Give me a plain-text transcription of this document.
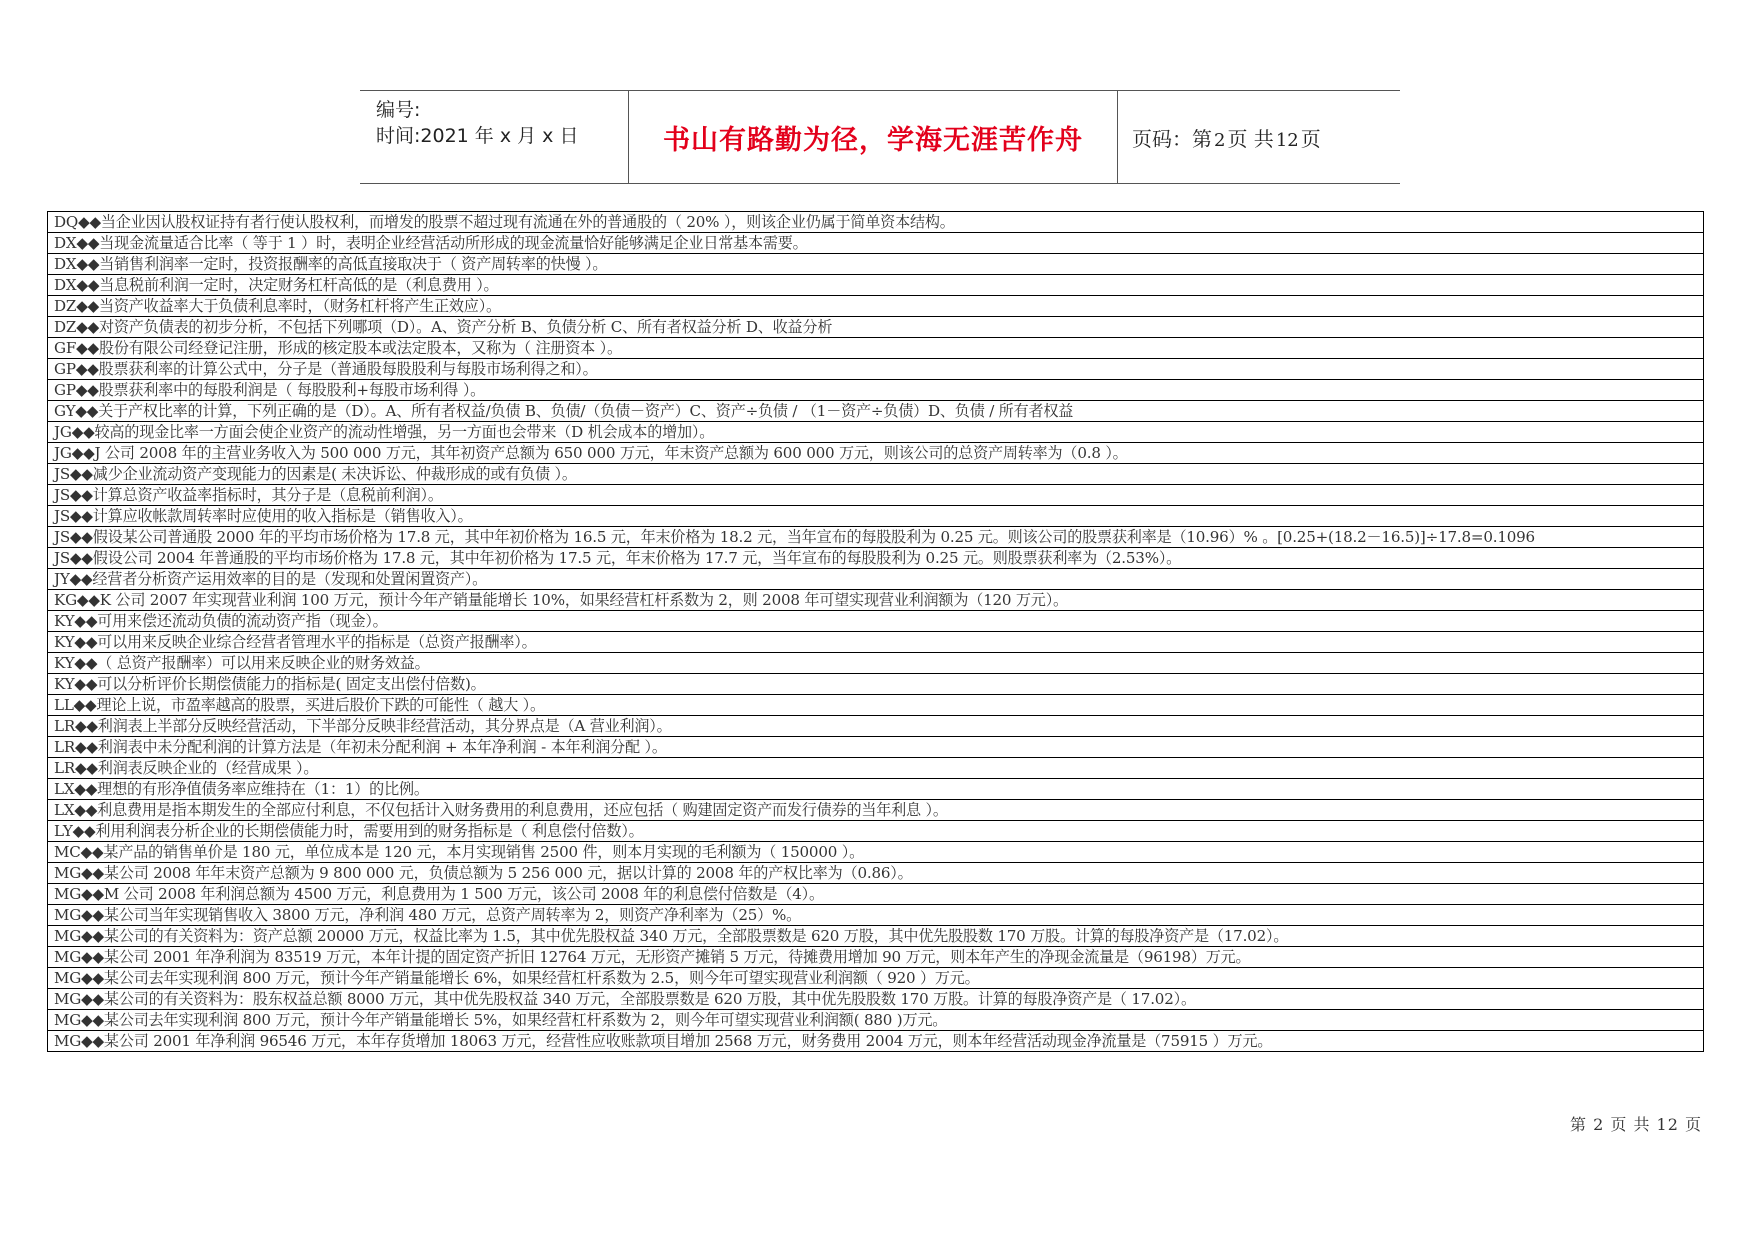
编号:
时间:2021 年 x 月 x 日	书山有路勤为径，学海无涯苦作舟 页码：第 2 页 共 12 页
DQ◆◆当企业因认股权证持有者行使认股权利，而增发的股票不超过现有流通在外的普通股的（ 20% ），则该企业仍属于简单资本结构。
DX◆◆当现金流量适合比率（ 等于 1 ）时，表明企业经营活动所形成的现金流量恰好能够满足企业日常基本需要。
DX◆◆当销售利润率一定时，投资报酬率的高低直接取决于（ 资产周转率的快慢 ）。
DX◆◆当息税前利润一定时，决定财务杠杆高低的是（利息费用 ）。
DZ◆◆当资产收益率大于负债利息率时，（财务杠杆将产生正效应）。
DZ◆◆对资产负债表的初步分析，不包括下列哪项（D）。A、资产分析 B、负债分析 C、所有者权益分析 D、收益分析
GF◆◆股份有限公司经登记注册，形成的核定股本或法定股本，又称为（ 注册资本 ）。
GP◆◆股票获利率的计算公式中，分子是（普通股每股股利与每股市场利得之和）。
GP◆◆股票获利率中的每股利润是（ 每股股利+每股市场利得 ）。
GY◆◆关于产权比率的计算，下列正确的是（D）。A、所有者权益/负债 B、负债/（负债－资产）C、资产÷负债 / （1－资产÷负债）D、负债 / 所有者权益
JG◆◆较高的现金比率一方面会使企业资产的流动性增强，另一方面也会带来（D 机会成本的增加）。
JG◆◆J 公司 2008 年的主营业务收入为 500 000 万元，其年初资产总额为 650 000 万元，年末资产总额为 600 000 万元，则该公司的总资产周转率为（0.8 ）。
JS◆◆减少企业流动资产变现能力的因素是( 未决诉讼、仲裁形成的或有负债 ）。
JS◆◆计算总资产收益率指标时，其分子是（息税前利润）。
JS◆◆计算应收帐款周转率时应使用的收入指标是（销售收入）。
JS◆◆假设某公司普通股 2000 年的平均市场价格为 17.8 元，其中年初价格为 16.5 元，年末价格为 18.2 元，当年宣布的每股股利为 0.25 元。则该公司的股票获利率是（10.96）% 。[0.25+(18.2－16.5)]÷17.8=0.1096
JS◆◆假设公司 2004 年普通股的平均市场价格为 17.8 元，其中年初价格为 17.5 元，年末价格为 17.7 元，当年宣布的每股股利为 0.25 元。则股票获利率为（2.53%）。
JY◆◆经营者分析资产运用效率的目的是（发现和处置闲置资产）。
KG◆◆K 公司 2007 年实现营业利润 100 万元，预计今年产销量能增长 10%，如果经营杠杆系数为 2，则 2008 年可望实现营业利润额为（120 万元）。
KY◆◆可用来偿还流动负债的流动资产指（现金）。
KY◆◆可以用来反映企业综合经营者管理水平的指标是（总资产报酬率）。
KY◆◆（ 总资产报酬率）可以用来反映企业的财务效益。
KY◆◆可以分析评价长期偿债能力的指标是( 固定支出偿付倍数)。
LL◆◆理论上说，市盈率越高的股票，买进后股价下跌的可能性（ 越大 ）。
LR◆◆利润表上半部分反映经营活动，下半部分反映非经营活动，其分界点是（A 营业利润）。
LR◆◆利润表中未分配利润的计算方法是（年初未分配利润 + 本年净利润 - 本年利润分配 ）。
LR◆◆利润表反映企业的（经营成果 ）。
LX◆◆理想的有形净值债务率应维持在（1：1）的比例。
LX◆◆利息费用是指本期发生的全部应付利息，不仅包括计入财务费用的利息费用，还应包括（ 购建固定资产而发行债券的当年利息 ）。
LY◆◆利用利润表分析企业的长期偿债能力时，需要用到的财务指标是（ 利息偿付倍数）。
MC◆◆某产品的销售单价是 180 元，单位成本是 120 元，本月实现销售 2500 件，则本月实现的毛利额为（ 150000 ）。
MG◆◆某公司 2008 年年末资产总额为 9 800 000 元，负债总额为 5 256 000 元，据以计算的 2008 年的产权比率为（0.86）。
MG◆◆M 公司 2008 年利润总额为 4500 万元，利息费用为 1 500 万元，该公司 2008 年的利息偿付倍数是（4）。
MG◆◆某公司当年实现销售收入 3800 万元，净利润 480 万元，总资产周转率为 2，则资产净利率为（25）%。
MG◆◆某公司的有关资料为：资产总额 20000 万元，权益比率为 1.5，其中优先股权益 340 万元，全部股票数是 620 万股，其中优先股股数 170 万股。计算的每股净资产是（17.02）。
MG◆◆某公司 2001 年净利润为 83519 万元，本年计提的固定资产折旧 12764 万元，无形资产摊销 5 万元，待摊费用增加 90 万元，则本年产生的净现金流量是（96198）万元。
MG◆◆某公司去年实现利润 800 万元，预计今年产销量能增长 6%，如果经营杠杆系数为 2.5，则今年可望实现营业利润额（ 920 ）万元。
MG◆◆某公司的有关资料为：股东权益总额 8000 万元，其中优先股权益 340 万元，全部股票数是 620 万股，其中优先股股数 170 万股。计算的每股净资产是（ 17.02）。
MG◆◆某公司去年实现利润 800 万元，预计今年产销量能增长 5%，如果经营杠杆系数为 2，则今年可望实现营业利润额( 880 )万元。
MG◆◆某公司 2001 年净利润 96546 万元，本年存货增加 18063 万元，经营性应收账款项目增加 2568 万元，财务费用 2004 万元，则本年经营活动现金净流量是（75915 ）万元。
第 2 页 共 12 页
